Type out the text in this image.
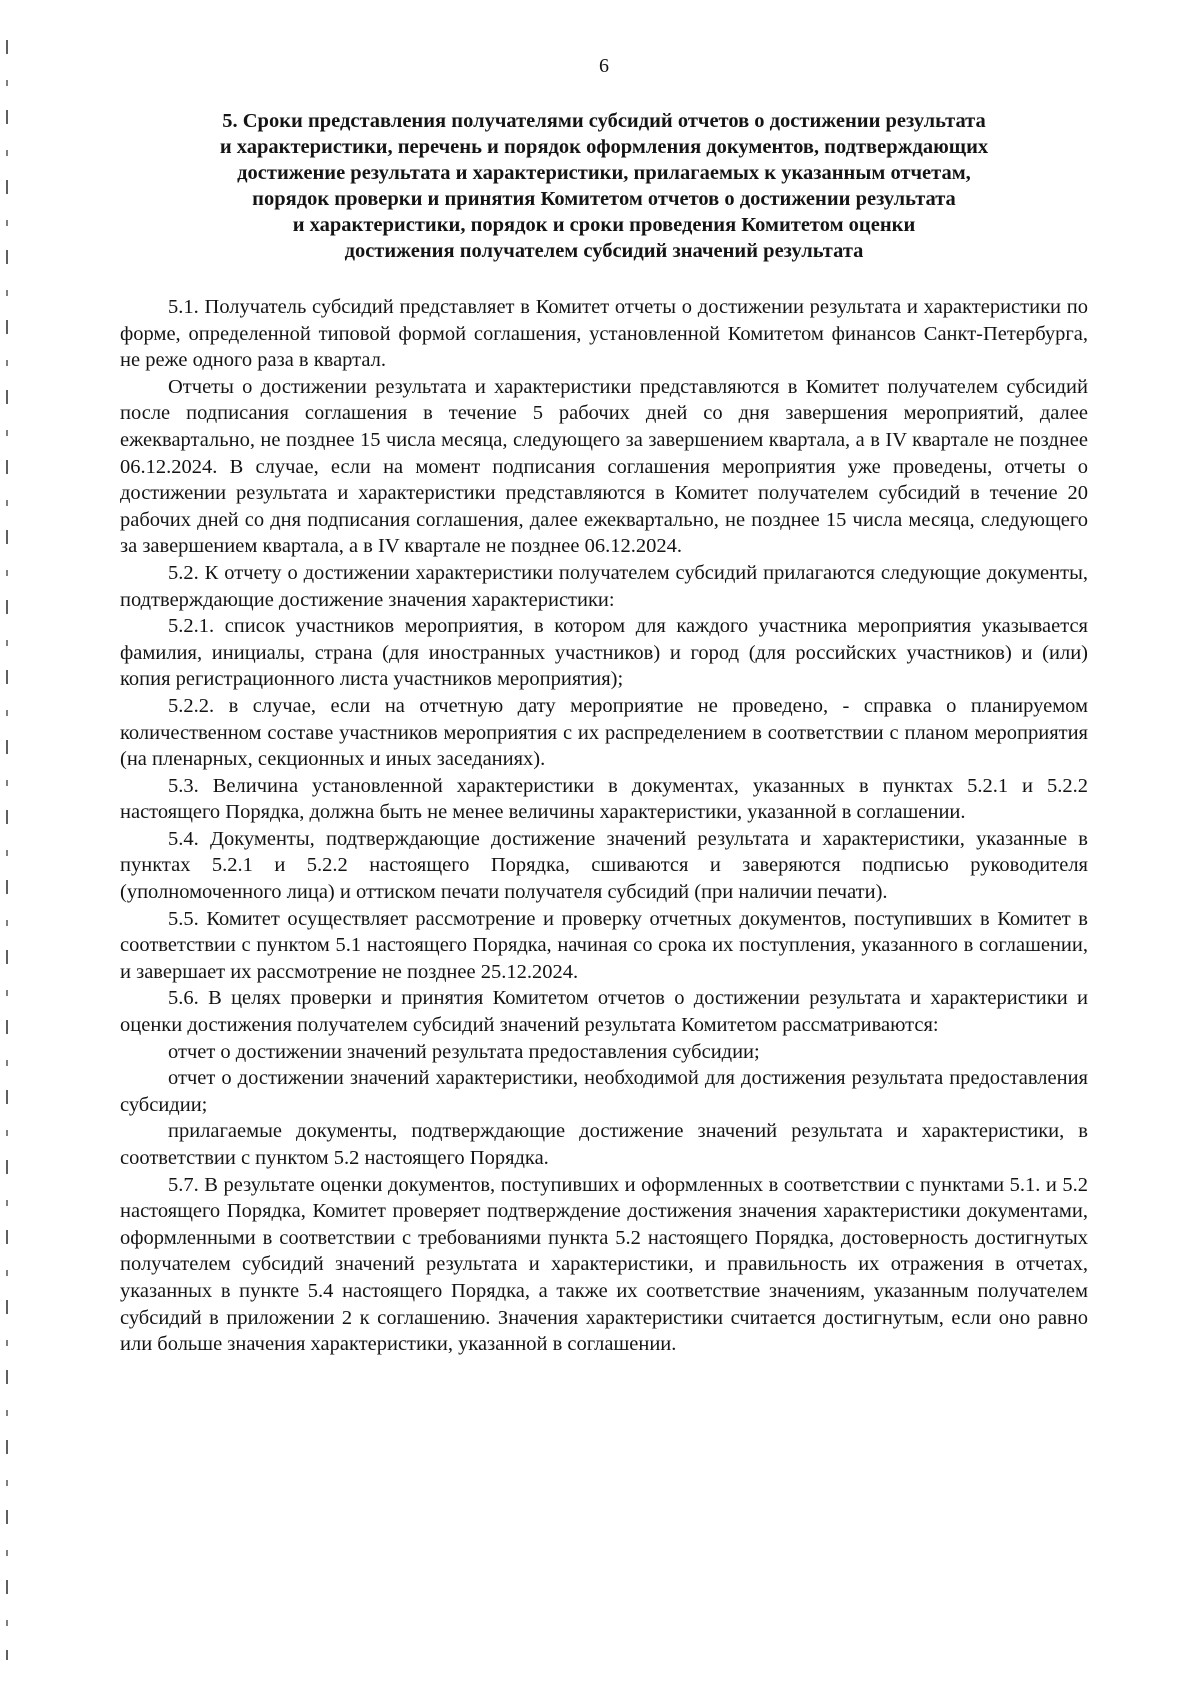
6
5. Сроки представления получателями субсидий отчетов о достижении результата
и характеристики, перечень и порядок оформления документов, подтверждающих
достижение результата и характеристики, прилагаемых к указанным отчетам,
порядок проверки и принятия Комитетом отчетов о достижении результата
и характеристики, порядок и сроки проведения Комитетом оценки
достижения получателем субсидий значений результата

5.1. Получатель субсидий представляет в Комитет отчеты о достижении результата и характеристики по форме, определенной типовой формой соглашения, установленной Комитетом финансов Санкт-Петербурга, не реже одного раза в квартал.

Отчеты о достижении результата и характеристики представляются в Комитет получателем субсидий после подписания соглашения в течение 5 рабочих дней со дня завершения мероприятий, далее ежеквартально, не позднее 15 числа месяца, следующего за завершением квартала, а в IV квартале не позднее 06.12.2024. В случае, если на момент подписания соглашения мероприятия уже проведены, отчеты о достижении результата и характеристики представляются в Комитет получателем субсидий в течение 20 рабочих дней со дня подписания соглашения, далее ежеквартально, не позднее 15 числа месяца, следующего за завершением квартала, а в IV квартале не позднее 06.12.2024.

5.2. К отчету о достижении характеристики получателем субсидий прилагаются следующие документы, подтверждающие достижение значения характеристики:

5.2.1. список участников мероприятия, в котором для каждого участника мероприятия указывается фамилия, инициалы, страна (для иностранных участников) и город (для российских участников) и (или) копия регистрационного листа участников мероприятия);

5.2.2. в случае, если на отчетную дату мероприятие не проведено, - справка о планируемом количественном составе участников мероприятия с их распределением в соответствии с планом мероприятия (на пленарных, секционных и иных заседаниях).

5.3. Величина установленной характеристики в документах, указанных в пунктах 5.2.1 и 5.2.2 настоящего Порядка, должна быть не менее величины характеристики, указанной в соглашении.

5.4. Документы, подтверждающие достижение значений результата и характеристики, указанные в пунктах 5.2.1 и 5.2.2 настоящего Порядка, сшиваются и заверяются подписью руководителя (уполномоченного лица) и оттиском печати получателя субсидий (при наличии печати).

5.5. Комитет осуществляет рассмотрение и проверку отчетных документов, поступивших в Комитет в соответствии с пунктом 5.1 настоящего Порядка, начиная со срока их поступления, указанного в соглашении, и завершает их рассмотрение не позднее 25.12.2024.

5.6. В целях проверки и принятия Комитетом отчетов о достижении результата и характеристики и оценки достижения получателем субсидий значений результата Комитетом рассматриваются:

отчет о достижении значений результата предоставления субсидии;

отчет о достижении значений характеристики, необходимой для достижения результата предоставления субсидии;

прилагаемые документы, подтверждающие достижение значений результата и характеристики, в соответствии с пунктом 5.2 настоящего Порядка.

5.7. В результате оценки документов, поступивших и оформленных в соответствии с пунктами 5.1. и 5.2 настоящего Порядка, Комитет проверяет подтверждение достижения значения характеристики документами, оформленными в соответствии с требованиями пункта 5.2 настоящего Порядка, достоверность достигнутых получателем субсидий значений результата и характеристики, и правильность их отражения в отчетах, указанных в пункте 5.4 настоящего Порядка, а также их соответствие значениям, указанным получателем субсидий в приложении 2 к соглашению. Значения характеристики считается достигнутым, если оно равно или больше значения характеристики, указанной в соглашении.
